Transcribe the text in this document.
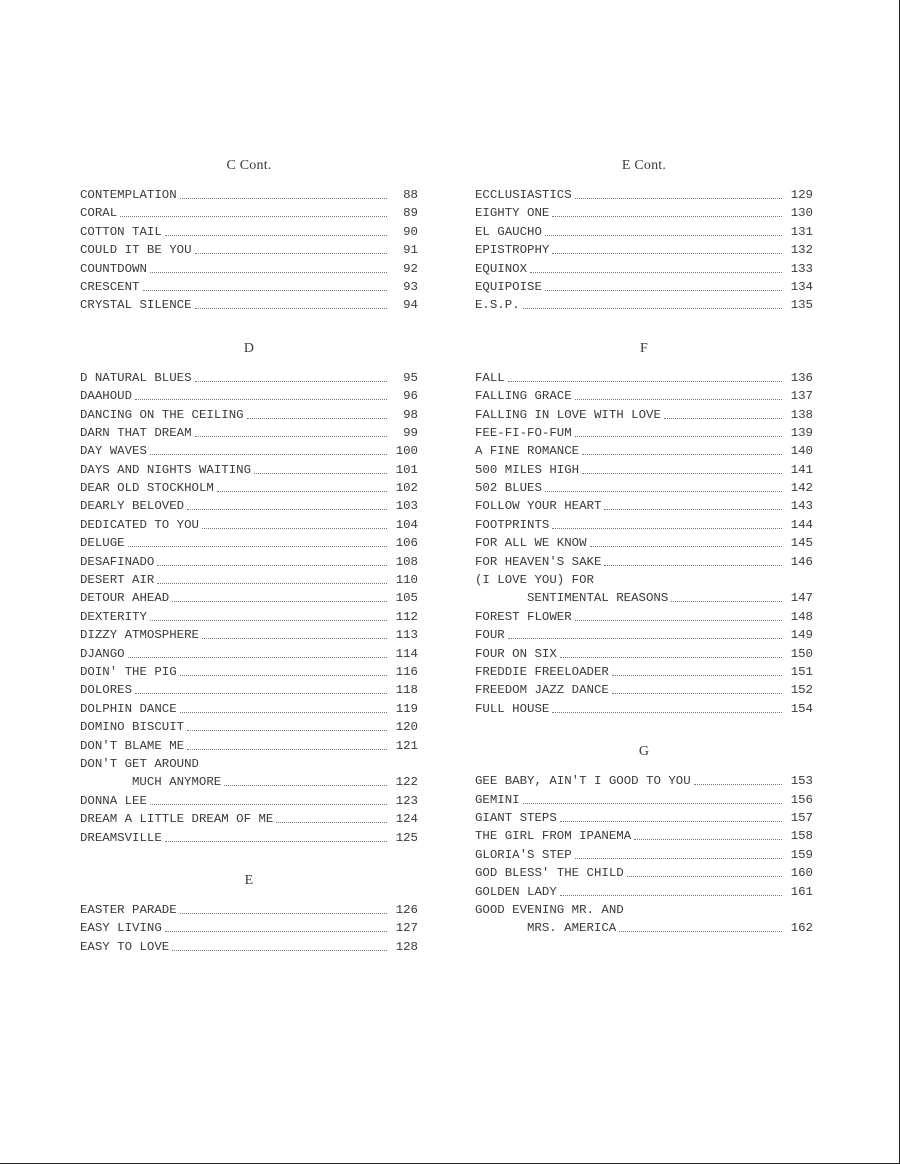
C Cont.
CONTEMPLATION	88
CORAL	89
COTTON TAIL	90
COULD IT BE YOU	91
COUNTDOWN	92
CRESCENT	93
CRYSTAL SILENCE	94
D
D NATURAL BLUES	95
DAAHOUD	96
DANCING ON THE CEILING	98
DARN THAT DREAM	99
DAY WAVES	100
DAYS AND NIGHTS WAITING	101
DEAR OLD STOCKHOLM	102
DEARLY BELOVED	103
DEDICATED TO YOU	104
DELUGE	106
DESAFINADO	108
DESERT AIR	110
DETOUR AHEAD	105
DEXTERITY	112
DIZZY ATMOSPHERE	113
DJANGO	114
DOIN' THE PIG	116
DOLORES	118
DOLPHIN DANCE	119
DOMINO BISCUIT	120
DON'T BLAME ME	121
DON'T GET AROUND
MUCH ANYMORE	122
DONNA LEE	123
DREAM A LITTLE DREAM OF ME	124
DREAMSVILLE	125
E
EASTER PARADE	126
EASY LIVING	127
EASY TO LOVE	128
E Cont.
ECCLUSIASTICS	129
EIGHTY ONE	130
EL GAUCHO	131
EPISTROPHY	132
EQUINOX	133
EQUIPOISE	134
E.S.P.	135
F
FALL	136
FALLING GRACE	137
FALLING IN LOVE WITH LOVE	138
FEE-FI-FO-FUM	139
A FINE ROMANCE	140
500 MILES HIGH	141
502 BLUES	142
FOLLOW YOUR HEART	143
FOOTPRINTS	144
FOR ALL WE KNOW	145
FOR HEAVEN'S SAKE	146
(I LOVE YOU) FOR
SENTIMENTAL REASONS	147
FOREST FLOWER	148
FOUR	149
FOUR ON SIX	150
FREDDIE FREELOADER	151
FREEDOM JAZZ DANCE	152
FULL HOUSE	154
G
GEE BABY, AIN'T I GOOD TO YOU	153
GEMINI	156
GIANT STEPS	157
THE GIRL FROM IPANEMA	158
GLORIA'S STEP	159
GOD BLESS' THE CHILD	160
GOLDEN LADY	161
GOOD EVENING MR. AND
MRS. AMERICA	162
